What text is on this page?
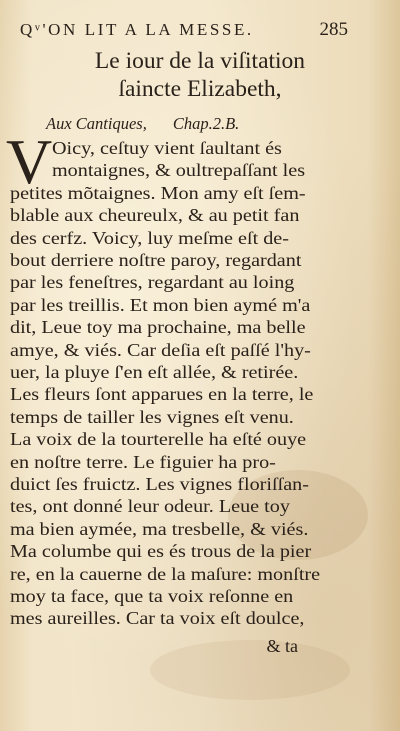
Qᵛ'ON LIT A LA MESSE.	285
Le iour de la viſitation
ſaincte Elizabeth,
Aux Cantiques, Chap.2.B.
V Oicy, ceſtuy vient ſaultant és
montaignes, & oultrepaſſant les
petites mõtaignes. Mon amy eſt ſem-
blable aux cheureulx, & au petit fan
des cerfz. Voicy, luy meſme eſt de-
bout derriere noſtre paroy, regardant
par les feneſtres, regardant au loing
par les treillis. Et mon bien aymé m'a
dit, Leue toy ma prochaine, ma belle
amye, & viés. Car deſia eſt paſſé l'hy-
uer, la pluye ſ'en eſt allée, & retirée.
Les fleurs ſont apparues en la terre, le
temps de tailler les vignes eſt venu.
La voix de la tourterelle ha eſté ouye
en noſtre terre. Le figuier ha pro-
duict ſes fruictz. Les vignes floriſſan-
tes, ont donné leur odeur. Leue toy
ma bien aymée, ma tresbelle, & viés.
Ma columbe qui es és trous de la pier
re, en la cauerne de la maſure: monſtre
moy ta face, que ta voix reſonne en
mes aureilles. Car ta voix eſt doulce,
& ta
